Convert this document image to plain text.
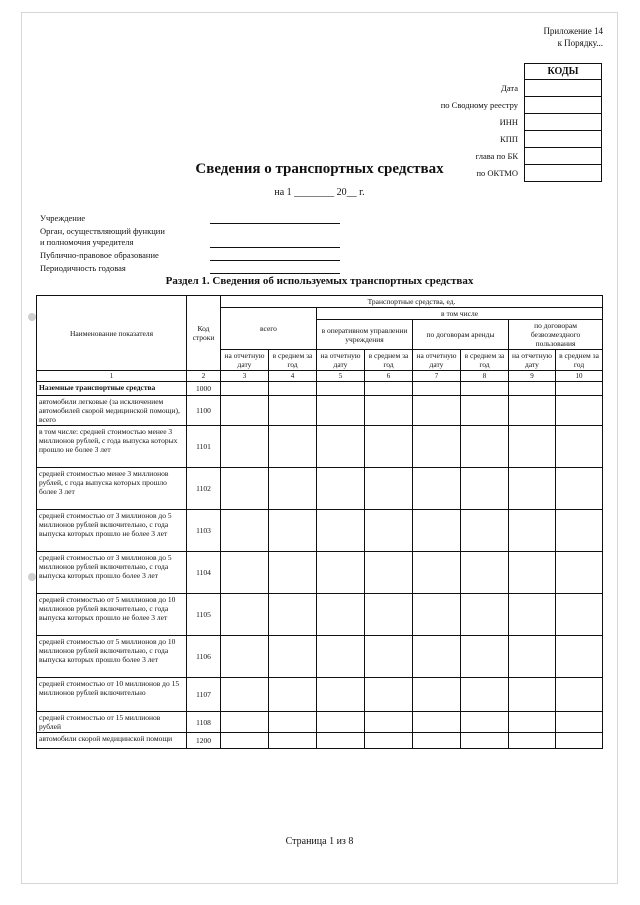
Приложение 14
к Порядку...
КОДЫ
Дата
по Сводному реестру
ИНН
КПП
глава по БК
по ОКТМО
Сведения о транспортных средствах
на 1 ________ 20__ г.
Учреждение
Орган, осуществляющий функции
и полномочия учредителя
Публично-правовое образование
Периодичность годовая
Раздел 1. Сведения об используемых транспортных средствах
Наименование показателя	Код строки	Транспортные средства, ед.							
		всего		в том числе					
				в оперативном управлении учреждения		по договорам аренды		по договорам безвозмездного пользования	
		на отчетную дату	в среднем за год	на отчетную дату	в среднем за год	на отчетную дату	в среднем за год	на отчетную дату	в среднем за год
1	2	3	4	5	6	7	8	9	10
Наземные транспортные средства	1000								
автомобили легковые (за исключением автомобилей скорой медицинской помощи), всего	1100								
в том числе: средней стоимостью менее 3 миллионов рублей, с года выпуска которых прошло не более 3 лет	1101								
средней стоимостью менее 3 миллионов рублей, с года выпуска которых прошло более 3 лет	1102								
средней стоимостью от 3 миллионов до 5 миллионов рублей включительно, с года выпуска которых прошло не более 3 лет	1103								
средней стоимостью от 3 миллионов до 5 миллионов рублей включительно, с года выпуска которых прошло более 3 лет	1104								
средней стоимостью от 5 миллионов до 10 миллионов рублей включительно, с года выпуска которых прошло не более 3 лет	1105								
средней стоимостью от 5 миллионов до 10 миллионов рублей включительно, с года выпуска которых прошло более 3 лет	1106								
средней стоимостью от 10 миллионов до 15 миллионов рублей включительно	1107								
средней стоимостью от 15 миллионов рублей	1108								
автомобили скорой медицинской помощи	1200								
Страница 1 из 8
